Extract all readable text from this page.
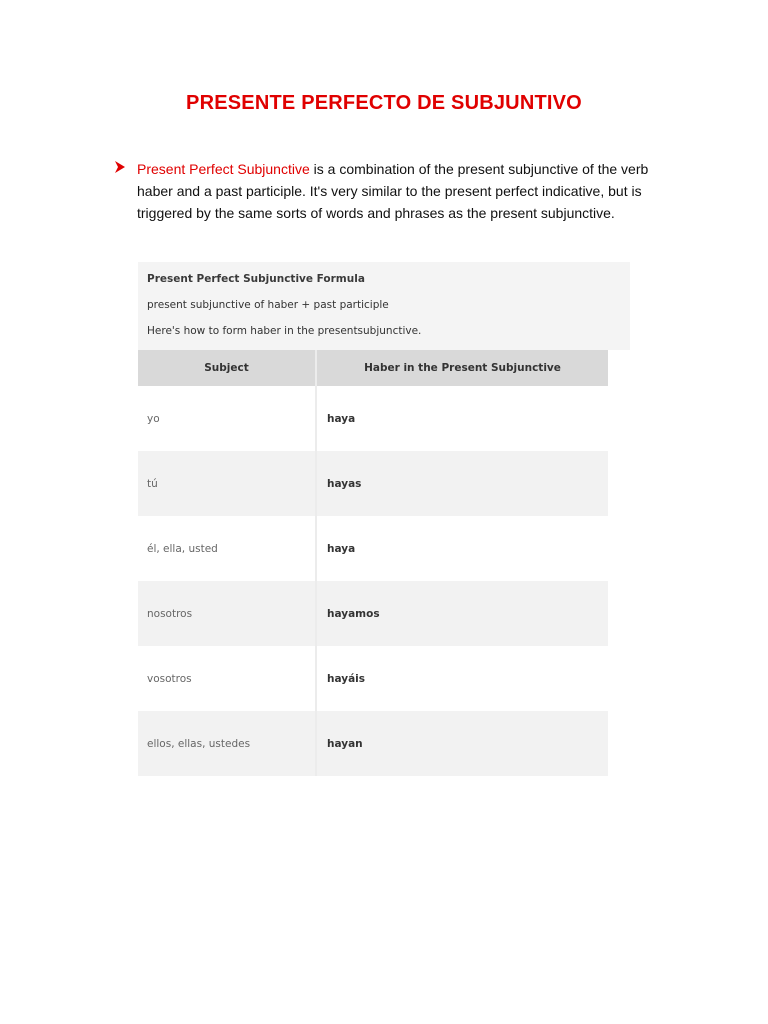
PRESENTE PERFECTO DE SUBJUNTIVO
Present Perfect Subjunctive is a combination of the present subjunctive of the verb haber and a past participle. It's very similar to the present perfect indicative, but is triggered by the same sorts of words and phrases as the present subjunctive.
Present Perfect Subjunctive Formula
present subjunctive of haber + past participle
Here's how to form haber in the presentsubjunctive.
Subject	Haber in the Present Subjunctive
yo	haya
tú	hayas
él, ella, usted	haya
nosotros	hayamos
vosotros	hayáis
ellos, ellas, ustedes	hayan
